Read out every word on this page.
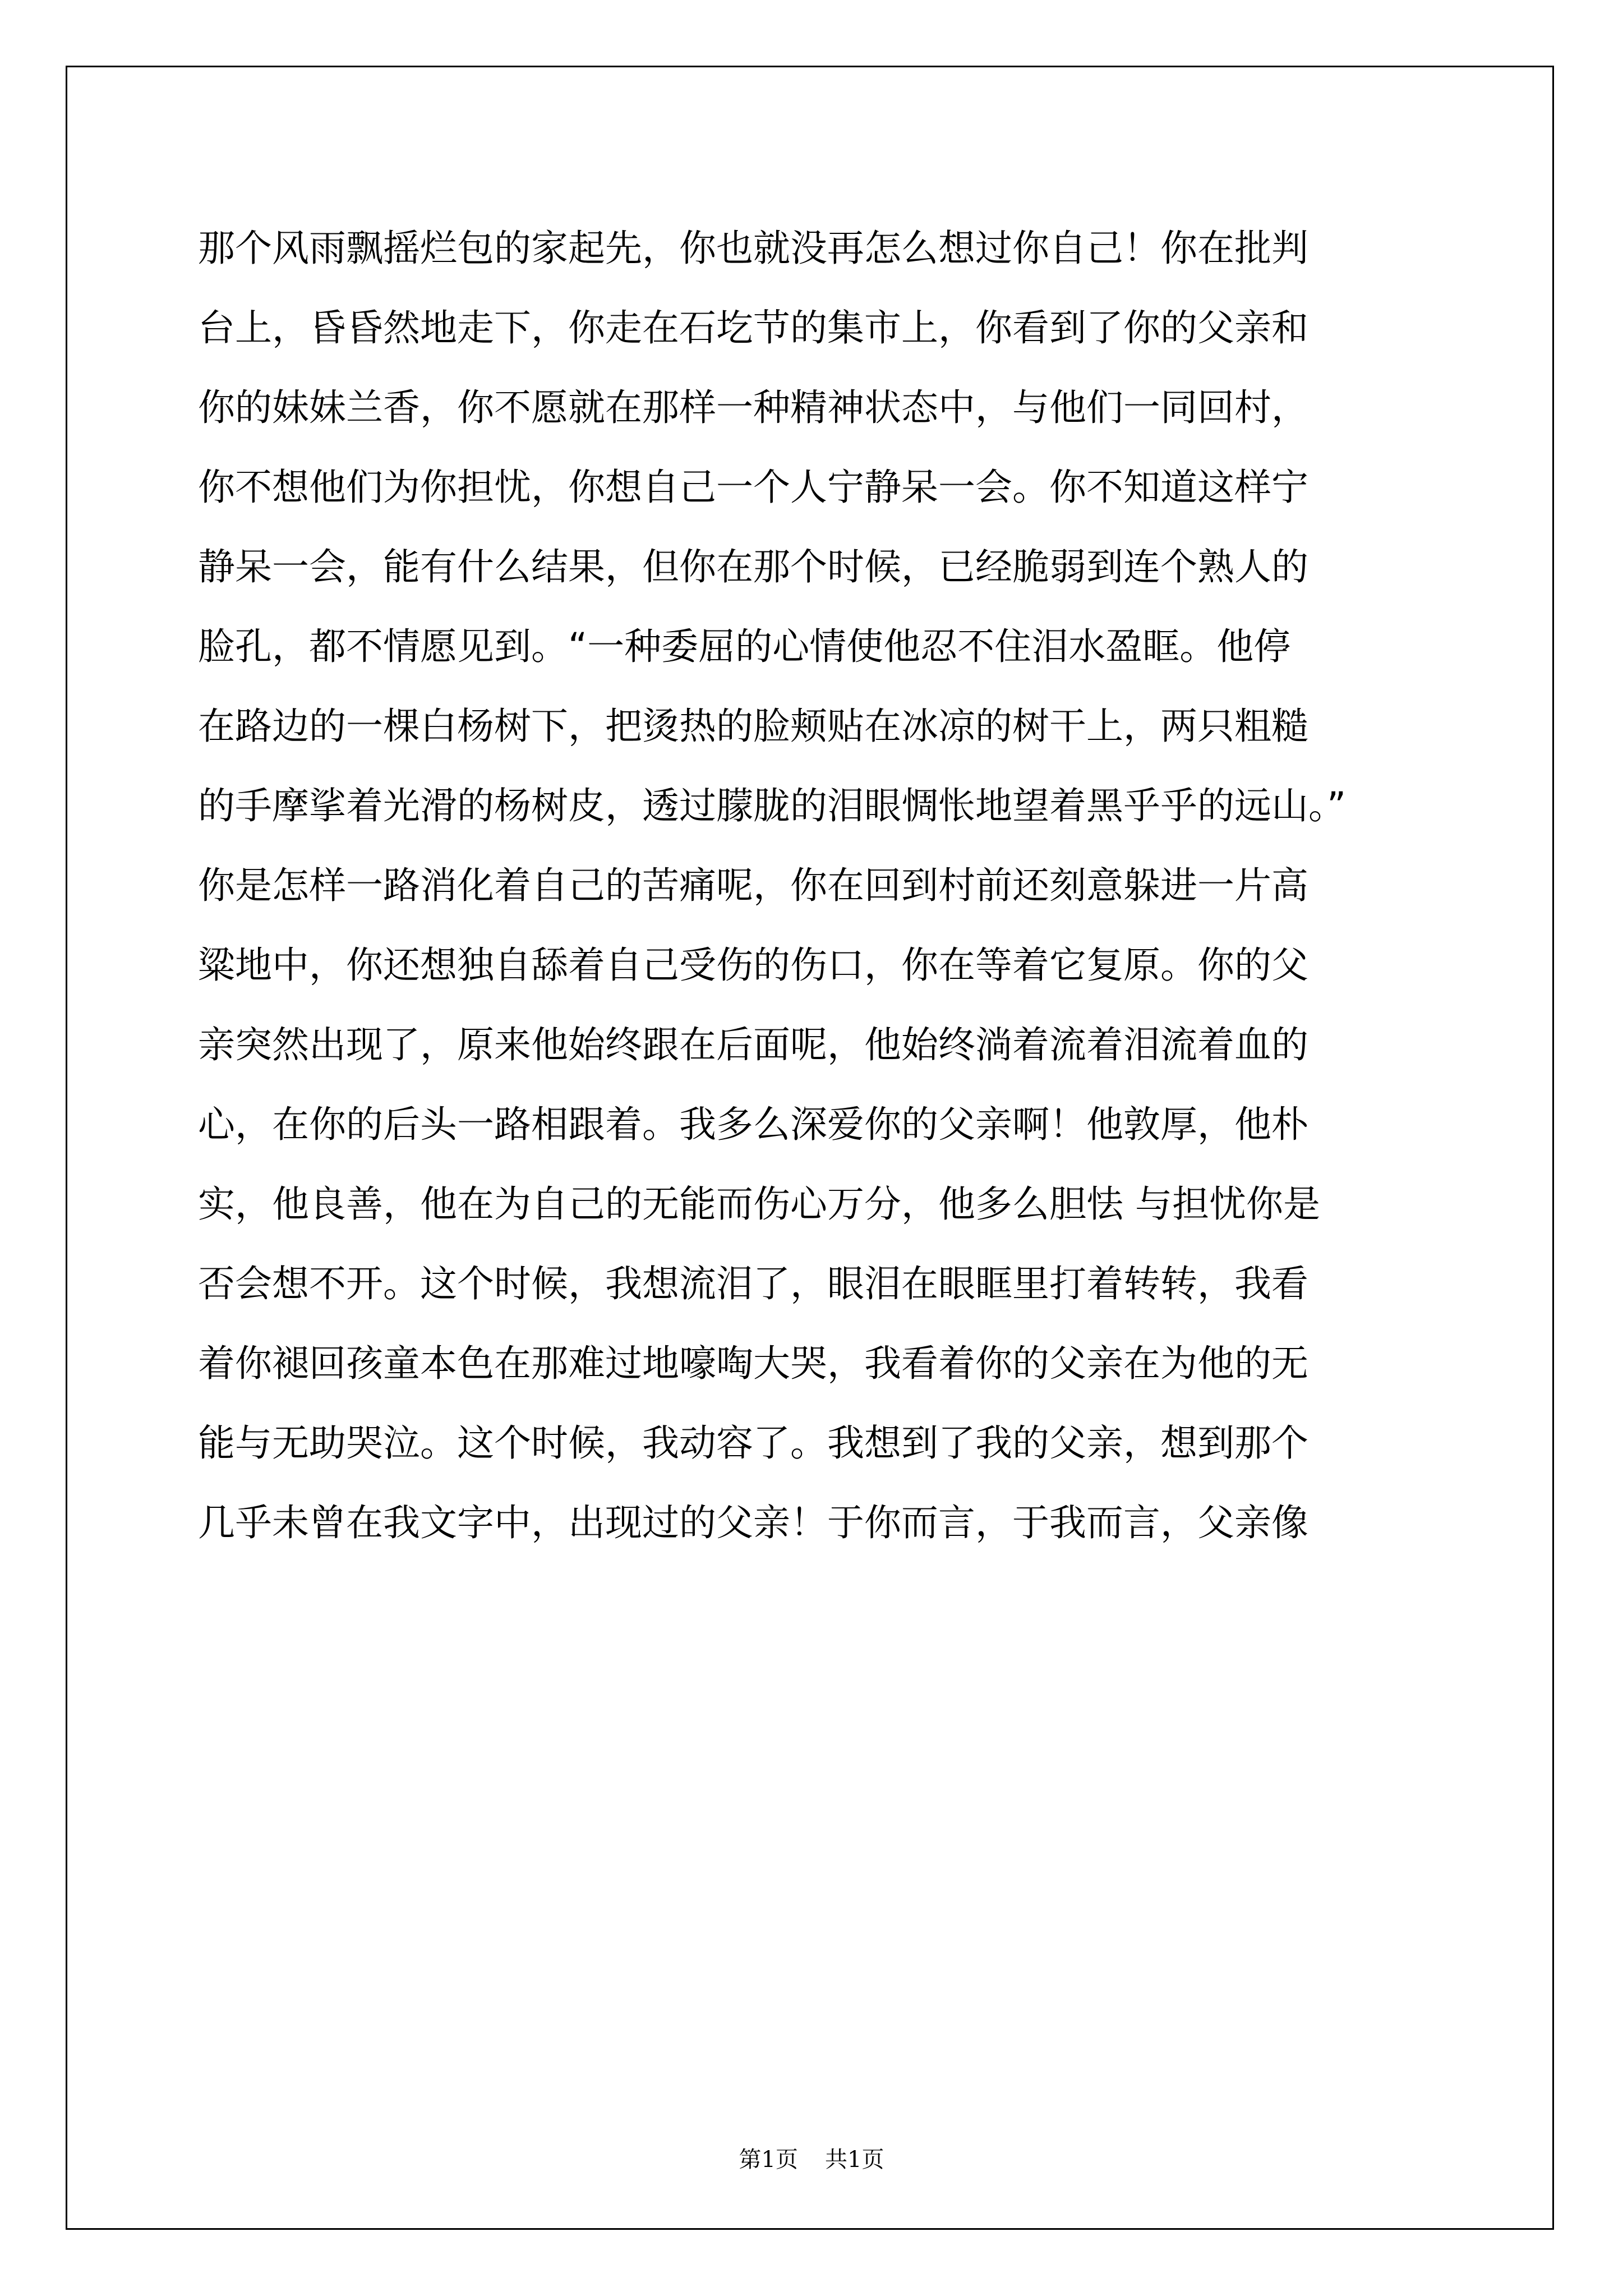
那个风雨飘摇烂包的家起先，你也就没再怎么想过你自己！你在批判
台上，昏昏然地走下，你走在石圪节的集市上，你看到了你的父亲和
你的妹妹兰香，你不愿就在那样一种精神状态中，与他们一同回村，
你不想他们为你担忧，你想自己一个人宁静呆一会。你不知道这样宁
静呆一会，能有什么结果，但你在那个时候，已经脆弱到连个熟人的
脸孔，都不情愿见到。“一种委屈的心情使他忍不住泪水盈眶。他停
在路边的一棵白杨树下，把烫热的脸颊贴在冰凉的树干上，两只粗糙
的手摩挲着光滑的杨树皮，透过朦胧的泪眼惆怅地望着黑乎乎的远山。”
你是怎样一路消化着自己的苦痛呢，你在回到村前还刻意躲进一片高
粱地中，你还想独自舔着自己受伤的伤口，你在等着它复原。你的父
亲突然出现了，原来他始终跟在后面呢，他始终淌着流着泪流着血的
心，在你的后头一路相跟着。我多么深爱你的父亲啊！他敦厚，他朴
实，他良善，他在为自己的无能而伤心万分，他多么胆怯 与担忧你是
否会想不开。这个时候，我想流泪了，眼泪在眼眶里打着转转，我看
着你褪回孩童本色在那难过地嚎啕大哭，我看着你的父亲在为他的无
能与无助哭泣。这个时候，我动容了。我想到了我的父亲，想到那个
几乎未曾在我文字中，出现过的父亲！于你而言，于我而言，父亲像
第1页 共1页
